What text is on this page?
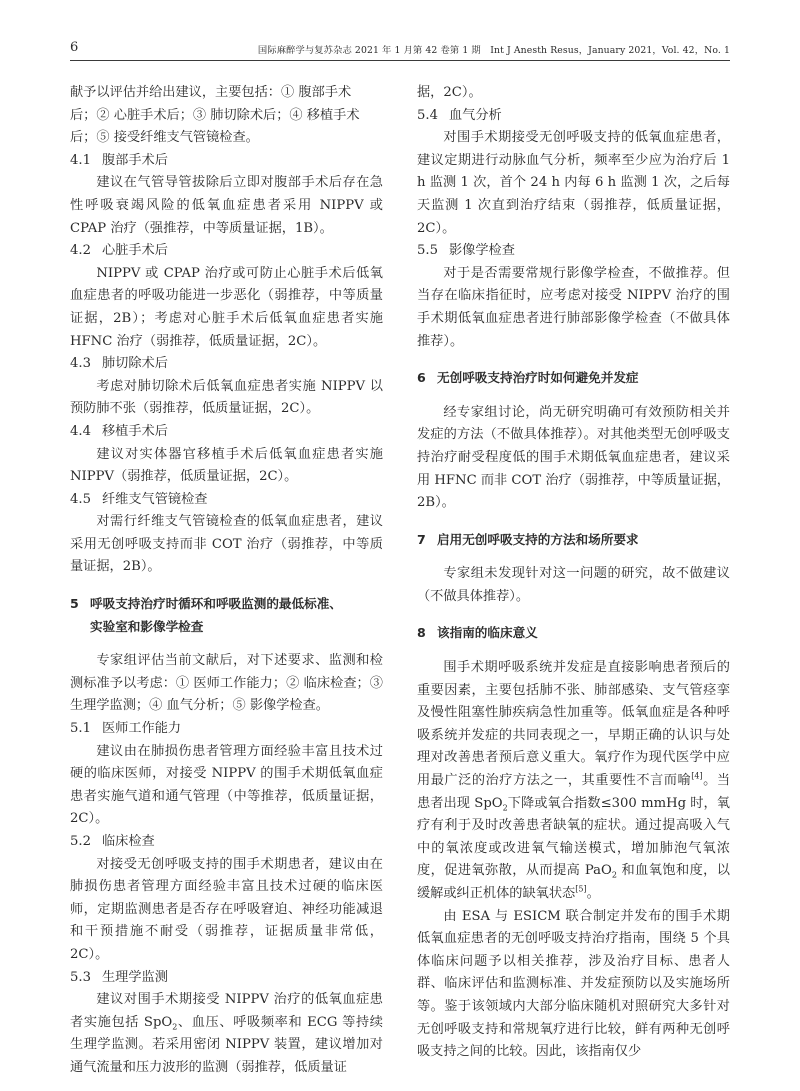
6	国际麻醉学与复苏杂志 2021 年 1 月第 42 卷第 1 期　Int J Anesth Resus，January 2021，Vol. 42，No. 1

献予以评估并给出建议，主要包括：① 腹部手术

后；② 心脏手术后；③ 肺切除术后；④ 移植手术

后；⑤ 接受纤维支气管镜检查。

4.1 腹部手术后

建议在气管导管拔除后立即对腹部手术后存在急性呼吸衰竭风险的低氧血症患者采用 NIPPV 或 CPAP 治疗（强推荐，中等质量证据，1B）。

4.2 心脏手术后

NIPPV 或 CPAP 治疗或可防止心脏手术后低氧血症患者的呼吸功能进一步恶化（弱推荐，中等质量证据，2B）；考虑对心脏手术后低氧血症患者实施 HFNC 治疗（弱推荐，低质量证据，2C）。

4.3 肺切除术后

考虑对肺切除术后低氧血症患者实施 NIPPV 以预防肺不张（弱推荐，低质量证据，2C）。

4.4 移植手术后

建议对实体器官移植手术后低氧血症患者实施 NIPPV（弱推荐，低质量证据，2C）。

4.5 纤维支气管镜检查

对需行纤维支气管镜检查的低氧血症患者，建议采用无创呼吸支持而非 COT 治疗（弱推荐，中等质量证据，2B）。

5 呼吸支持治疗时循环和呼吸监测的最低标准、
实验室和影像学检查

专家组评估当前文献后，对下述要求、监测和检测标准予以考虑：① 医师工作能力；② 临床检查；③ 生理学监测；④ 血气分析；⑤ 影像学检查。

5.1 医师工作能力

建议由在肺损伤患者管理方面经验丰富且技术过硬的临床医师，对接受 NIPPV 的围手术期低氧血症患者实施气道和通气管理（中等推荐，低质量证据，2C）。

5.2 临床检查

对接受无创呼吸支持的围手术期患者，建议由在肺损伤患者管理方面经验丰富且技术过硬的临床医师，定期监测患者是否存在呼吸窘迫、神经功能减退和干预措施不耐受（弱推荐，证据质量非常低，2C）。

5.3 生理学监测

建议对围手术期接受 NIPPV 治疗的低氧血症患者实施包括 SpO$_2$、血压、呼吸频率和 ECG 等持续生理学监测。若采用密闭 NIPPV 装置，建议增加对通气流量和压力波形的监测（弱推荐，低质量证

据，2C）。

5.4 血气分析

对围手术期接受无创呼吸支持的低氧血症患者，建议定期进行动脉血气分析，频率至少应为治疗后 1 h 监测 1 次，首个 24 h 内每 6 h 监测 1 次，之后每天监测 1 次直到治疗结束（弱推荐，低质量证据，2C）。

5.5 影像学检查

对于是否需要常规行影像学检查，不做推荐。但当存在临床指征时，应考虑对接受 NIPPV 治疗的围手术期低氧血症患者进行肺部影像学检查（不做具体推荐）。

6 无创呼吸支持治疗时如何避免并发症

经专家组讨论，尚无研究明确可有效预防相关并发症的方法（不做具体推荐）。对其他类型无创呼吸支持治疗耐受程度低的围手术期低氧血症患者，建议采用 HFNC 而非 COT 治疗（弱推荐，中等质量证据，2B）。

7 启用无创呼吸支持的方法和场所要求

专家组未发现针对这一问题的研究，故不做建议（不做具体推荐）。

8 该指南的临床意义

围手术期呼吸系统并发症是直接影响患者预后的重要因素，主要包括肺不张、肺部感染、支气管痉挛及慢性阻塞性肺疾病急性加重等。低氧血症是各种呼吸系统并发症的共同表现之一，早期正确的认识与处理对改善患者预后意义重大。氧疗作为现代医学中应用最广泛的治疗方法之一，其重要性不言而喻[4]。当患者出现 SpO$_2$下降或氧合指数≤300 mmHg 时，氧疗有利于及时改善患者缺氧的症状。通过提高吸入气中的氧浓度或改进氧气输送模式，增加肺泡气氧浓度，促进氧弥散，从而提高 PaO$_2$ 和血氧饱和度，以缓解或纠正机体的缺氧状态[5]。

由 ESA 与 ESICM 联合制定并发布的围手术期低氧血症患者的无创呼吸支持治疗指南，围绕 5 个具体临床问题予以相关推荐，涉及治疗目标、患者人群、临床评估和监测标准、并发症预防以及实施场所等。鉴于该领域内大部分临床随机对照研究大多针对无创呼吸支持和常规氧疗进行比较，鲜有两种无创呼吸支持之间的比较。因此，该指南仅少
